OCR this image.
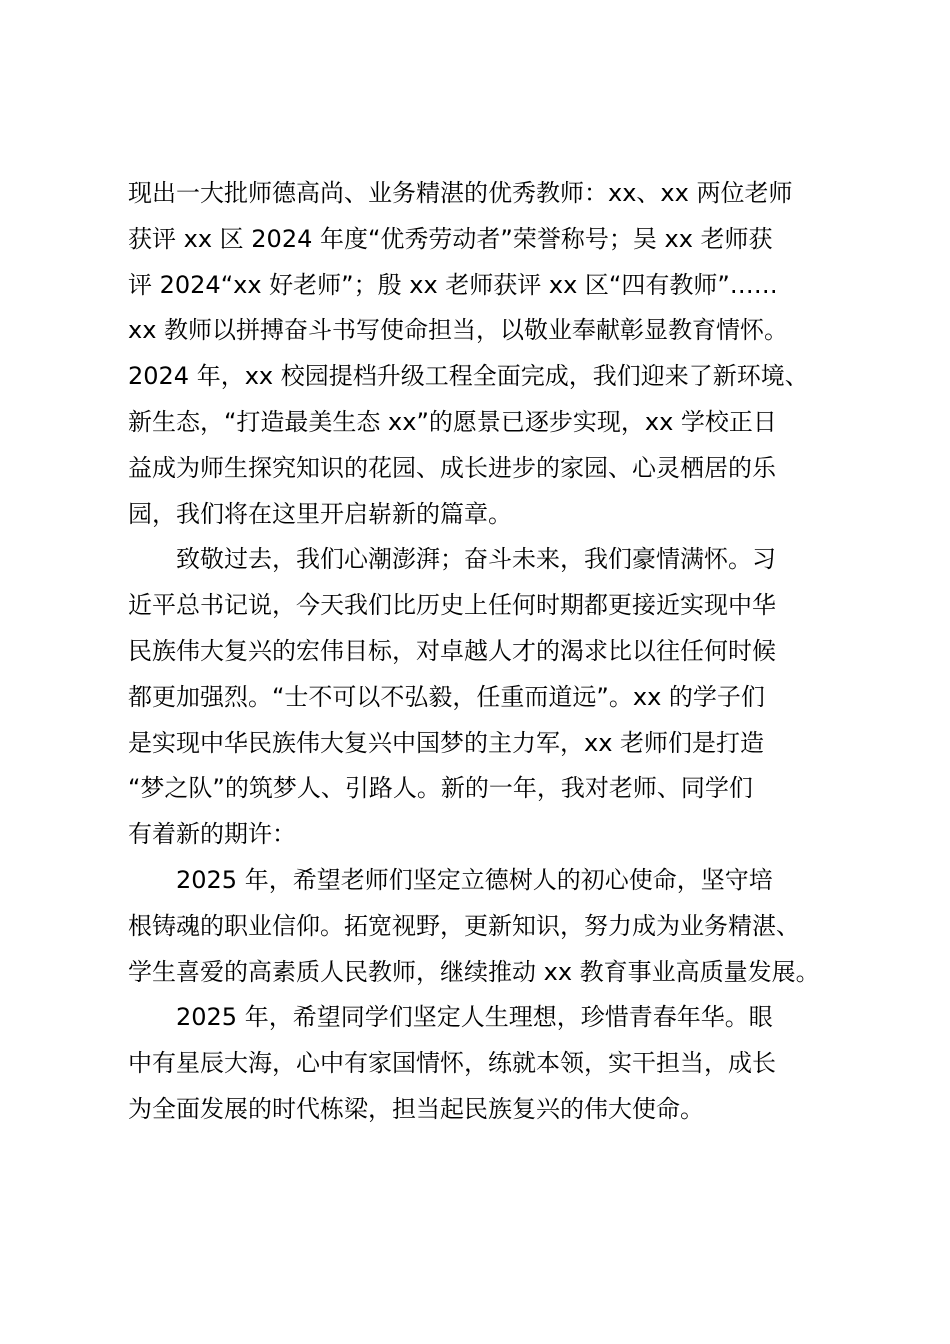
现出一大批师德高尚、业务精湛的优秀教师：xx、xx 两位老师
获评 xx 区 2024 年度“优秀劳动者”荣誉称号；吴 xx 老师获
评 2024“xx 好老师”；殷 xx 老师获评 xx 区“四有教师”……
xx 教师以拼搏奋斗书写使命担当，以敬业奉献彰显教育情怀。
2024 年，xx 校园提档升级工程全面完成，我们迎来了新环境、
新生态，“打造最美生态 xx”的愿景已逐步实现，xx 学校正日
益成为师生探究知识的花园、成长进步的家园、心灵栖居的乐
园，我们将在这里开启崭新的篇章。
致敬过去，我们心潮澎湃；奋斗未来，我们豪情满怀。习
近平总书记说，今天我们比历史上任何时期都更接近实现中华
民族伟大复兴的宏伟目标，对卓越人才的渴求比以往任何时候
都更加强烈。“士不可以不弘毅，任重而道远”。xx 的学子们
是实现中华民族伟大复兴中国梦的主力军，xx 老师们是打造
“梦之队”的筑梦人、引路人。新的一年，我对老师、同学们
有着新的期许：
2025 年，希望老师们坚定立德树人的初心使命，坚守培
根铸魂的职业信仰。拓宽视野，更新知识，努力成为业务精湛、
学生喜爱的高素质人民教师，继续推动 xx 教育事业高质量发展。
2025 年，希望同学们坚定人生理想，珍惜青春年华。眼
中有星辰大海，心中有家国情怀，练就本领，实干担当，成长
为全面发展的时代栋梁，担当起民族复兴的伟大使命。
